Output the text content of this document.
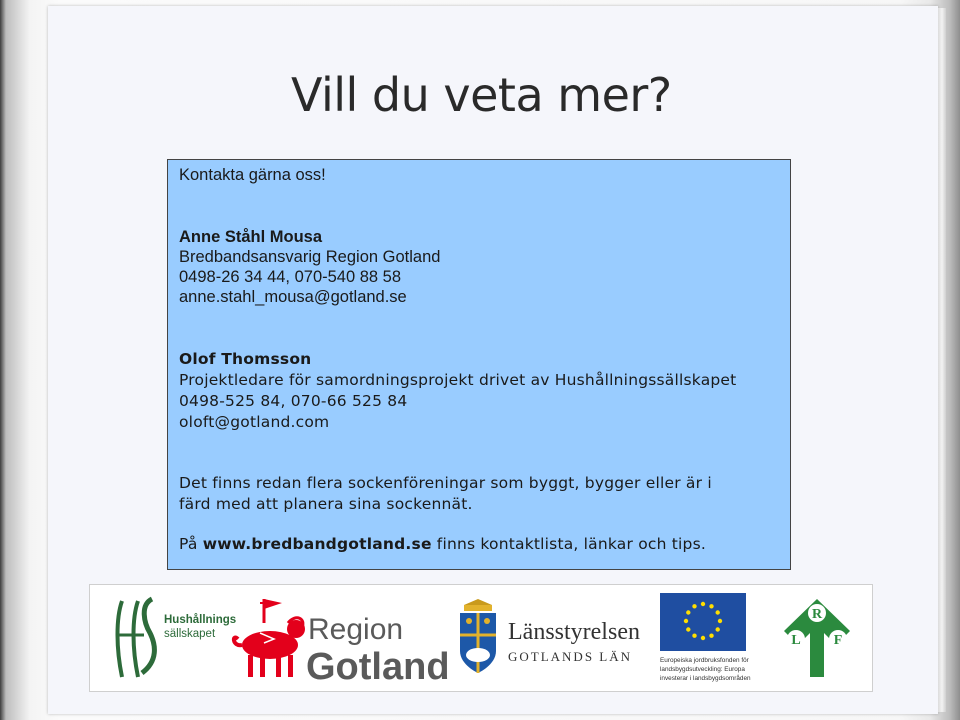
Vill du veta mer?
Kontakta gärna oss!
Anne Ståhl Mousa
Bredbandsansvarig Region Gotland
0498-26 34 44, 070-540 88 58
anne.stahl_mousa@gotland.se
Olof Thomsson
Projektledare för samordningsprojekt drivet av Hushållningssällskapet
0498-525 84, 070-66 525 84
oloft@gotland.com
Det finns redan flera sockenföreningar som byggt, bygger eller är i
färd med att planera sina sockennät.
På www.bredbandgotland.se finns kontaktlista, länkar och tips.
Hushållnings
sällskapet	Region
Gotland
Länsstyrelsen
GOTLANDS LÄN	Europeiska jordbruksfonden för
landsbygdsutveckling: Europa
investerar i landsbygdsområden
R
L F
